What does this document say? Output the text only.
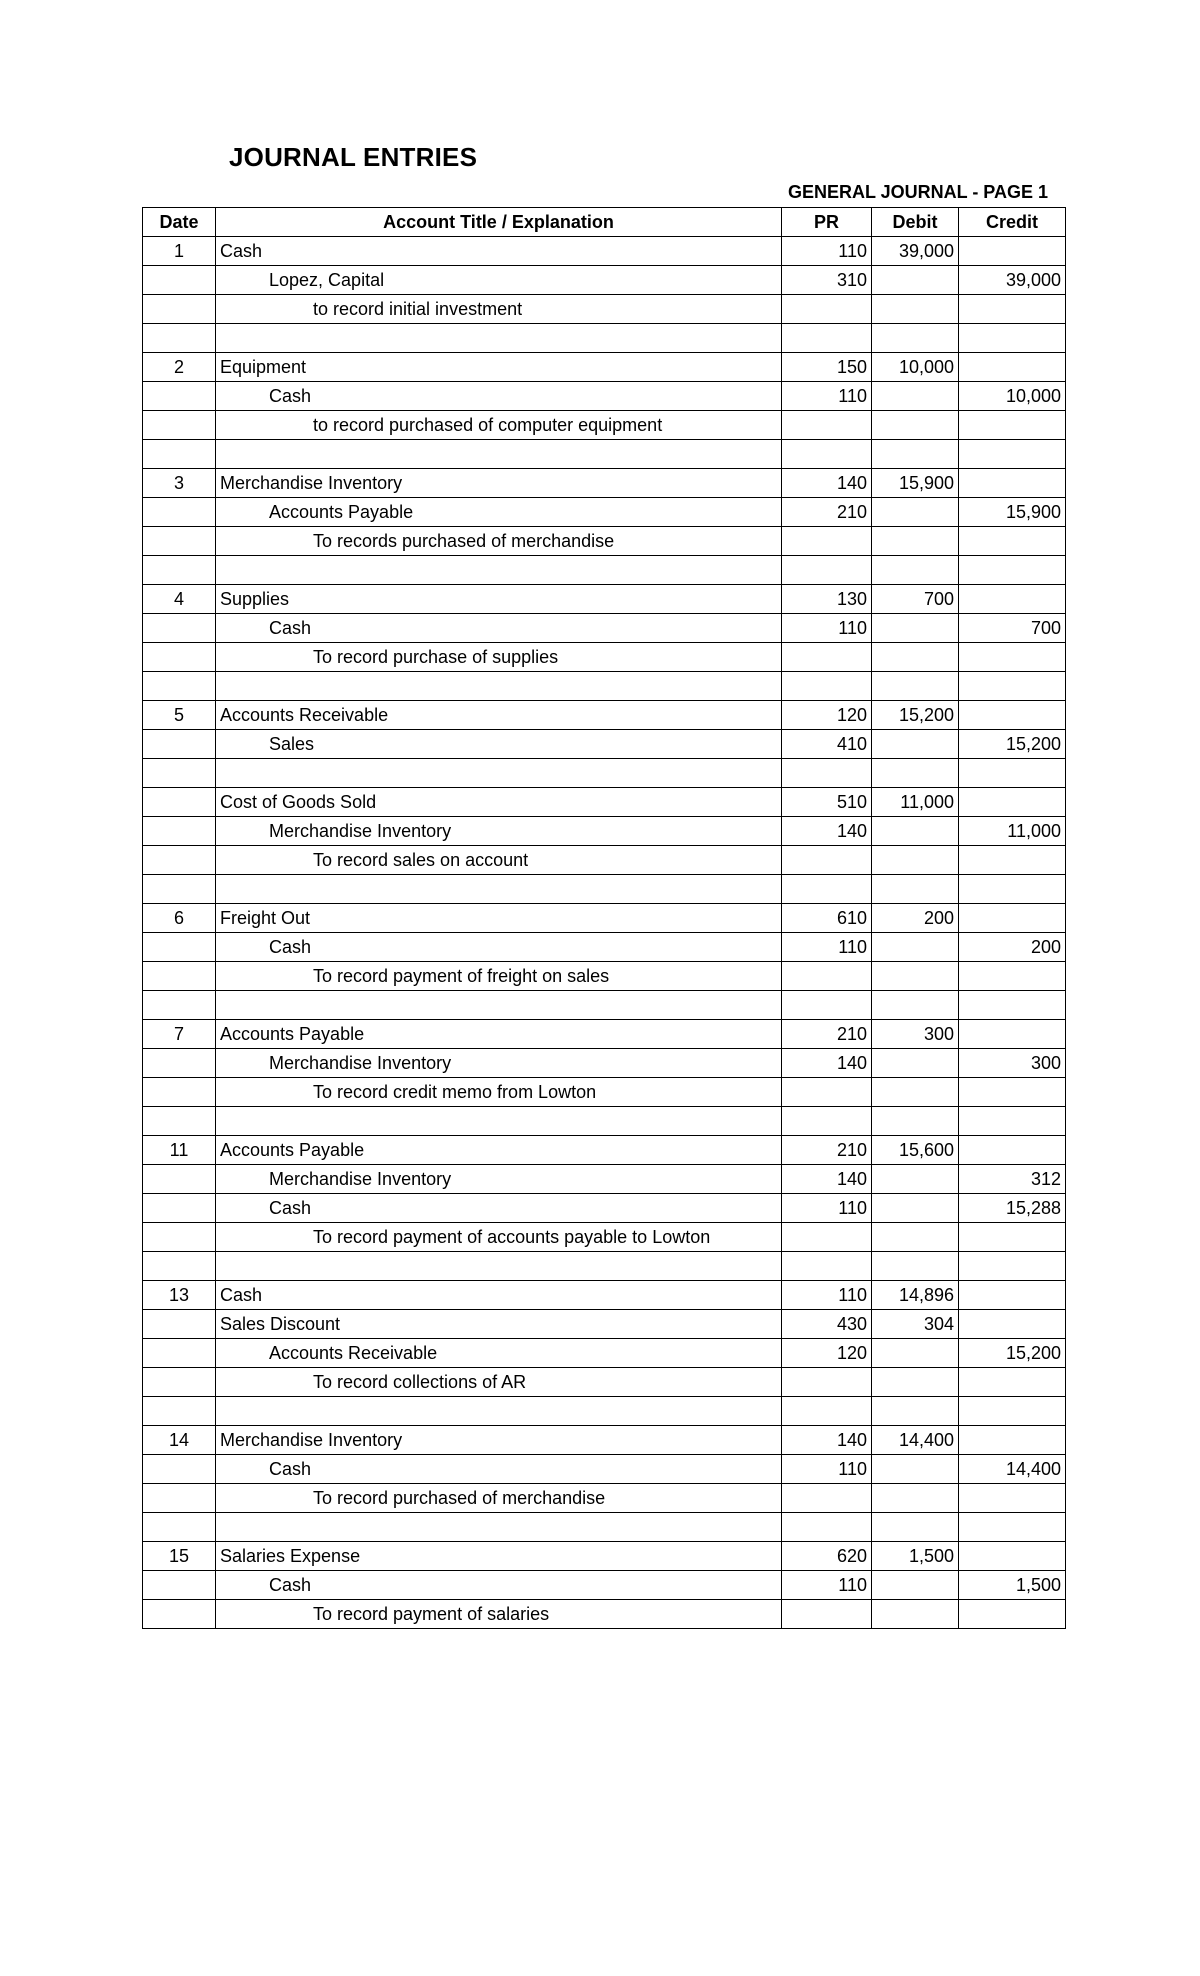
JOURNAL ENTRIES
GENERAL JOURNAL - PAGE 1
Date	Account Title / Explanation	PR	Debit	Credit
1	Cash	110	39,000	
	Lopez, Capital	310		39,000
	to record initial investment			

2	Equipment	150	10,000	
	Cash	110		10,000
	to record purchased of computer equipment			

3	Merchandise Inventory	140	15,900	
	Accounts Payable	210		15,900
	To records purchased of merchandise			

4	Supplies	130	700	
	Cash	110		700
	To record purchase of supplies			

5	Accounts Receivable	120	15,200	
	Sales	410		15,200

	Cost of Goods Sold	510	11,000	
	Merchandise Inventory	140		11,000
	To record sales on account			

6	Freight Out	610	200	
	Cash	110		200
	To record payment of freight on sales			

7	Accounts Payable	210	300	
	Merchandise Inventory	140		300
	To record credit memo from Lowton			

11	Accounts Payable	210	15,600	
	Merchandise Inventory	140		312
	Cash	110		15,288
	To record payment of accounts payable to Lowton			

13	Cash	110	14,896	
	Sales Discount	430	304	
	Accounts Receivable	120		15,200
	To record collections of AR			

14	Merchandise Inventory	140	14,400	
	Cash	110		14,400
	To record purchased of merchandise			

15	Salaries Expense	620	1,500	
	Cash	110		1,500
	To record payment of salaries			
